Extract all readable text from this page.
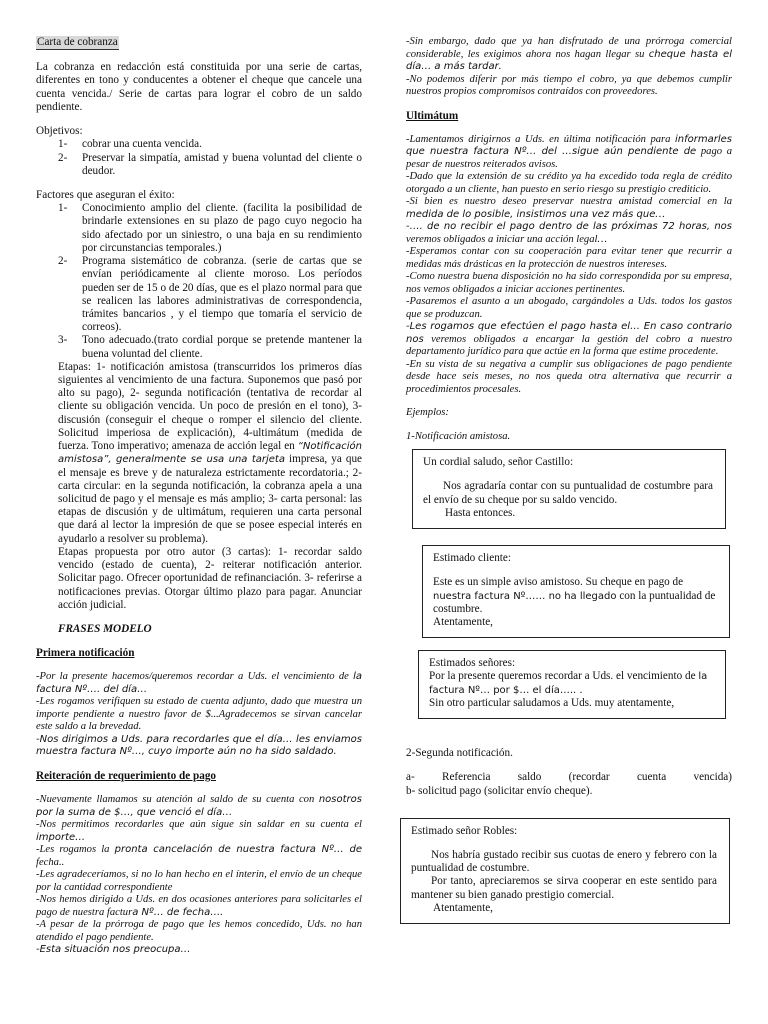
Carta de cobranza

La cobranza en redacción está constituida por una serie de cartas, diferentes en tono y conducentes a obtener el cheque que cancele una cuenta vencida./ Serie de cartas para lograr el cobro de un saldo pendiente.

Objetivos:

1-	cobrar una cuenta vencida.
2-	Preservar la simpatía, amistad y buena voluntad del cliente o deudor.

Factores que aseguran el éxito:

1-	Conocimiento amplio del cliente. (facilita la posibilidad de brindarle extensiones en su plazo de pago cuyo negocio ha sido afectado por un siniestro, o una baja en su rendimiento por circunstancias temporales.)
2-	Programa sistemático de cobranza. (serie de cartas que se envían periódicamente al cliente moroso. Los períodos pueden ser de 15 o de 20 días, que es el plazo normal para que se realicen las labores administrativas de correspondencia, trámites bancarios , y el tiempo que tomaría el servicio de correos).
3-	Tono adecuado.(trato cordial porque se pretende mantener la buena voluntad del cliente.

Etapas: 1- notificación amistosa (transcurridos los primeros días siguientes al vencimiento de una factura. Suponemos que pasó por alto su pago), 2- segunda notificación (tentativa de recordar al cliente su obligación vencida. Un poco de presión en el tono), 3-discusión (conseguir el cheque o romper el silencio del cliente. Solicitud imperiosa de explicación), 4-ultimátum (medida de fuerza. Tono imperativo; amenaza de acción legal en “Notificación amistosa”, generalmente se usa una tarjeta impresa, ya que el mensaje es breve y de naturaleza estrictamente recordatoria.; 2-carta circular: en la segunda notificación, la cobranza apela a una solicitud de pago y el mensaje es más amplio; 3- carta personal: las etapas de discusión y de ultimátum, requieren una carta personal que dará al lector la impresión de que se posee especial interés en ayudarlo a resolver su problema).

Etapas propuesta por otro autor (3 cartas): 1- recordar saldo vencido (estado de cuenta), 2- reiterar notificación anterior. Solicitar pago. Ofrecer oportunidad de refinanciación. 3- referirse a notificaciones previas. Otorgar último plazo para pagar. Anunciar acción judicial.

FRASES MODELO

Primera notificación

-Por la presente hacemos/queremos recordar a Uds. el vencimiento de la factura Nº…. del día…

-Les rogamos verifiquen su estado de cuenta adjunto, dado que muestra un importe pendiente a nuestro favor de $...Agradecemos se sirvan cancelar este saldo a la brevedad.

-Nos dirigimos a Uds. para recordarles que el día… les enviamos muestra factura Nº…, cuyo importe aún no ha sido saldado.

Reiteración de requerimiento de pago

-Nuevamente llamamos su atención al saldo de su cuenta con nosotros por la suma de $…, que venció el día…

-Nos permitimos recordarles que aún sigue sin saldar en su cuenta el importe…

-Les rogamos la pronta cancelación de nuestra factura Nº… de fecha..

-Les agradeceríamos, si no lo han hecho en el ínterin, el envío de un cheque por la cantidad correspondiente

-Nos hemos dirigido a Uds. en dos ocasiones anteriores para solicitarles el pago de nuestra factura Nº… de fecha….

-A pesar de la prórroga de pago que les hemos concedido, Uds. no han atendido el pago pendiente.

-Esta situación nos preocupa…

-Sin embargo, dado que ya han disfrutado de una prórroga comercial considerable, les exigimos ahora nos hagan llegar su cheque hasta el día… a más tardar.

-No podemos diferir por más tiempo el cobro, ya que debemos cumplir nuestros propios compromisos contraídos con proveedores.

Ultimátum

-Lamentamos dirigirnos a Uds. en última notificación para informarles que nuestra factura Nº… del …sigue aún pendiente de pago a pesar de nuestros reiterados avisos.

-Dado que la extensión de su crédito ya ha excedido toda regla de crédito otorgado a un cliente, han puesto en serio riesgo su prestigio crediticio.

-Si bien es nuestro deseo preservar nuestra amistad comercial en la medida de lo posible, insistimos una vez más que…

-…. de no recibir el pago dentro de las próximas 72 horas, nos veremos obligados a iniciar una acción legal…

-Esperamos contar con su cooperación para evitar tener que recurrir a medidas más drásticas en la protección de nuestros intereses.

-Como nuestra buena disposición no ha sido correspondida por su empresa, nos vemos obligados a iniciar acciones pertinentes.

-Pasaremos el asunto a un abogado, cargándoles a Uds. todos los gastos que se produzcan.

-Les rogamos que efectúen el pago hasta el… En caso contrario nos veremos obligados a encargar la gestión del cobro a nuestro departamento jurídico para que actúe en la forma que estime procedente.

-En su vista de su negativa a cumplir sus obligaciones de pago pendiente desde hace seis meses, no nos queda otra alternativa que recurrir a procedimientos procesales.

Ejemplos:

1-Notificación amistosa.

Un cordial saludo, señor Castillo:

Nos agradaría contar con su puntualidad de costumbre para el envío de su cheque por su saldo vencido.

Hasta entonces.

Estimado cliente:

Este es un simple aviso amistoso. Su cheque en pago de nuestra factura Nº…… no ha llegado con la puntualidad de costumbre.

Atentamente,

Estimados señores:

Por la presente queremos recordar a Uds. el vencimiento de la factura Nº… por $… el día….. .

Sin otro particular saludamos a Uds. muy atentamente,

2-Segunda notificación.

a- Referencia saldo (recordar cuenta vencida)

b- solicitud pago (solicitar envío cheque).

Estimado señor Robles:

Nos habría gustado recibir sus cuotas de enero y febrero con la puntualidad de costumbre.

Por tanto, apreciaremos se sirva cooperar en este sentido para mantener su bien ganado prestigio comercial.

Atentamente,
